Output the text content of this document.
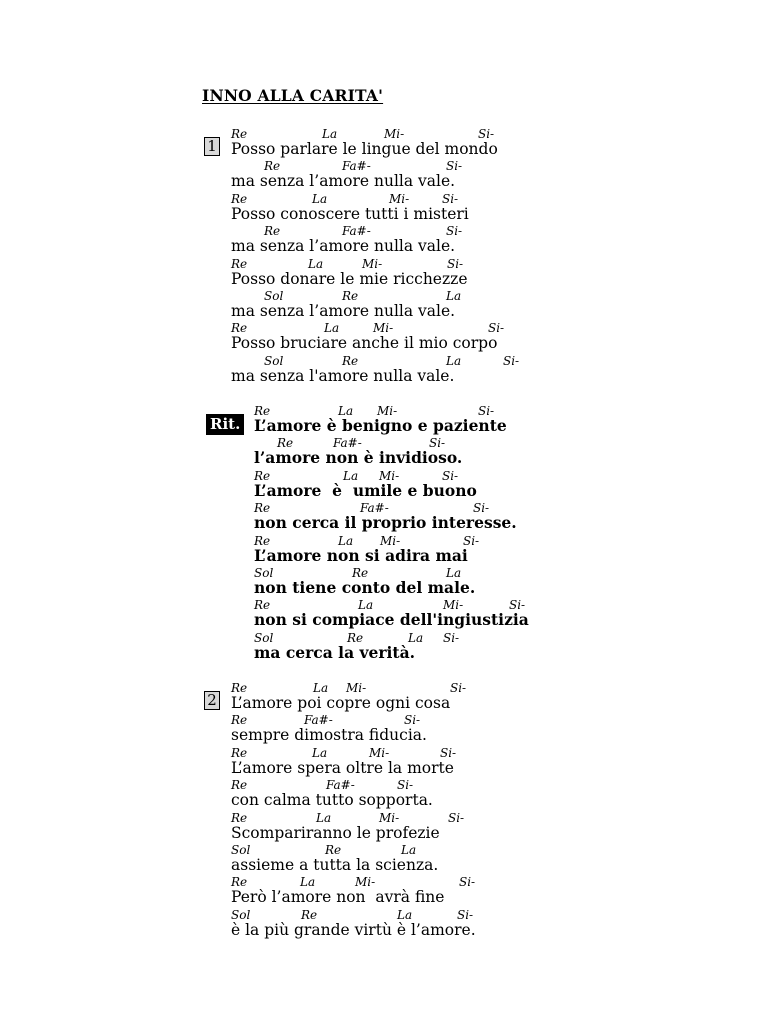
INNO ALLA CARITA'
1
Re	La	Mi-	Si-
Posso parlare le lingue del mondo
Re	Fa#-	Si-
ma senza l’amore nulla vale.
Re	La	Mi-	Si-
Posso conoscere tutti i misteri
Re	Fa#-	Si-
ma senza l’amore nulla vale.
Re	La	Mi-	Si-
Posso donare le mie ricchezze
Sol	Re	La
ma senza l’amore nulla vale.
Re	La	Mi-	Si-
Posso bruciare anche il mio corpo
Sol	Re	La	Si-
ma senza l'amore nulla vale.
Rit.
Re	La Mi-	Si-
L’amore è benigno e paziente
Re	Fa#-	Si-
l’amore non è invidioso.
Re	La Mi-	Si-
L’amore  è  umile e buono
Re	Fa#-	Si-
non cerca il proprio interesse.
Re	La Mi-	Si-
L’amore non si adira mai
Sol	Re	La
non tiene conto del male.
Re	La	Mi-	Si-
non si compiace dell'ingiustizia
Sol	Re	La Si-
ma cerca la verità.
2
Re	La Mi-	Si-
L’amore poi copre ogni cosa
Re	Fa#-	Si-
sempre dimostra fiducia.
Re	La	Mi-	Si-
L’amore spera oltre la morte
Re	Fa#-	Si-
con calma tutto sopporta.
Re	La	Mi-	Si-
Scompariranno le profezie
Sol	Re	La
assieme a tutta la scienza.
Re	La	Mi-	Si-
Però l’amore non  avrà fine
Sol	Re	La	Si-
è la più grande virtù è l’amore.
